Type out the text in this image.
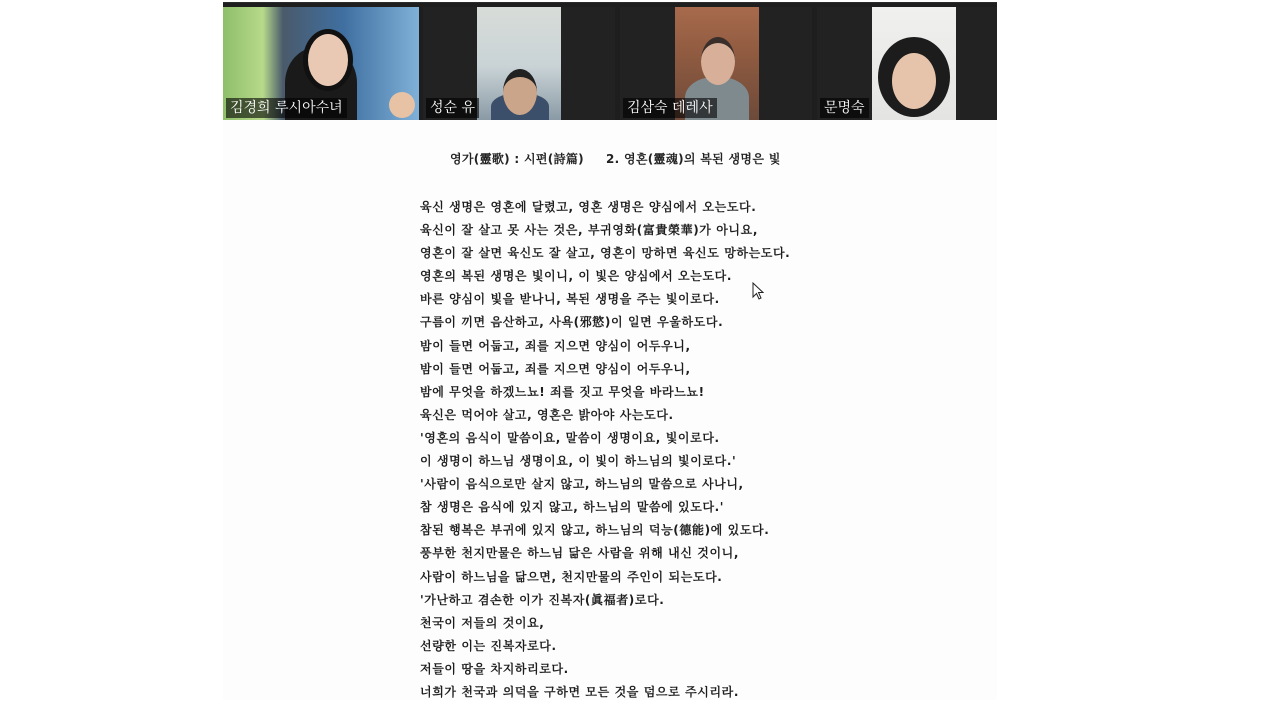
김경희 루시아수녀	성순 유	김삼숙 데레사	문명숙
영가(靈歌) : 시편(詩篇) 2. 영혼(靈魂)의 복된 생명은 빛
육신 생명은 영혼에 달렸고, 영혼 생명은 양심에서 오는도다.
육신이 잘 살고 못 사는 것은, 부귀영화(富貴榮華)가 아니요,
영혼이 잘 살면 육신도 잘 살고, 영혼이 망하면 육신도 망하는도다.
영혼의 복된 생명은 빛이니, 이 빛은 양심에서 오는도다.
바른 양심이 빛을 받나니, 복된 생명을 주는 빛이로다.
구름이 끼면 음산하고, 사욕(邪慾)이 일면 우울하도다.
밤이 들면 어둡고, 죄를 지으면 양심이 어두우니,
밤이 들면 어둡고, 죄를 지으면 양심이 어두우니,
밤에 무엇을 하겠느뇨! 죄를 짓고 무엇을 바라느뇨!
육신은 먹어야 살고, 영혼은 밝아야 사는도다.
'영혼의 음식이 말씀이요, 말씀이 생명이요, 빛이로다.
이 생명이 하느님 생명이요, 이 빛이 하느님의 빛이로다.'
'사람이 음식으로만 살지 않고, 하느님의 말씀으로 사나니,
참 생명은 음식에 있지 않고, 하느님의 말씀에 있도다.'
참된 행복은 부귀에 있지 않고, 하느님의 덕능(德能)에 있도다.
풍부한 천지만물은 하느님 닮은 사람을 위해 내신 것이니,
사람이 하느님을 닮으면, 천지만물의 주인이 되는도다.
'가난하고 겸손한 이가 진복자(眞福者)로다.
천국이 저들의 것이요,
선량한 이는 진복자로다.
저들이 땅을 차지하리로다.
너희가 천국과 의덕을 구하면 모든 것을 덤으로 주시리라.
